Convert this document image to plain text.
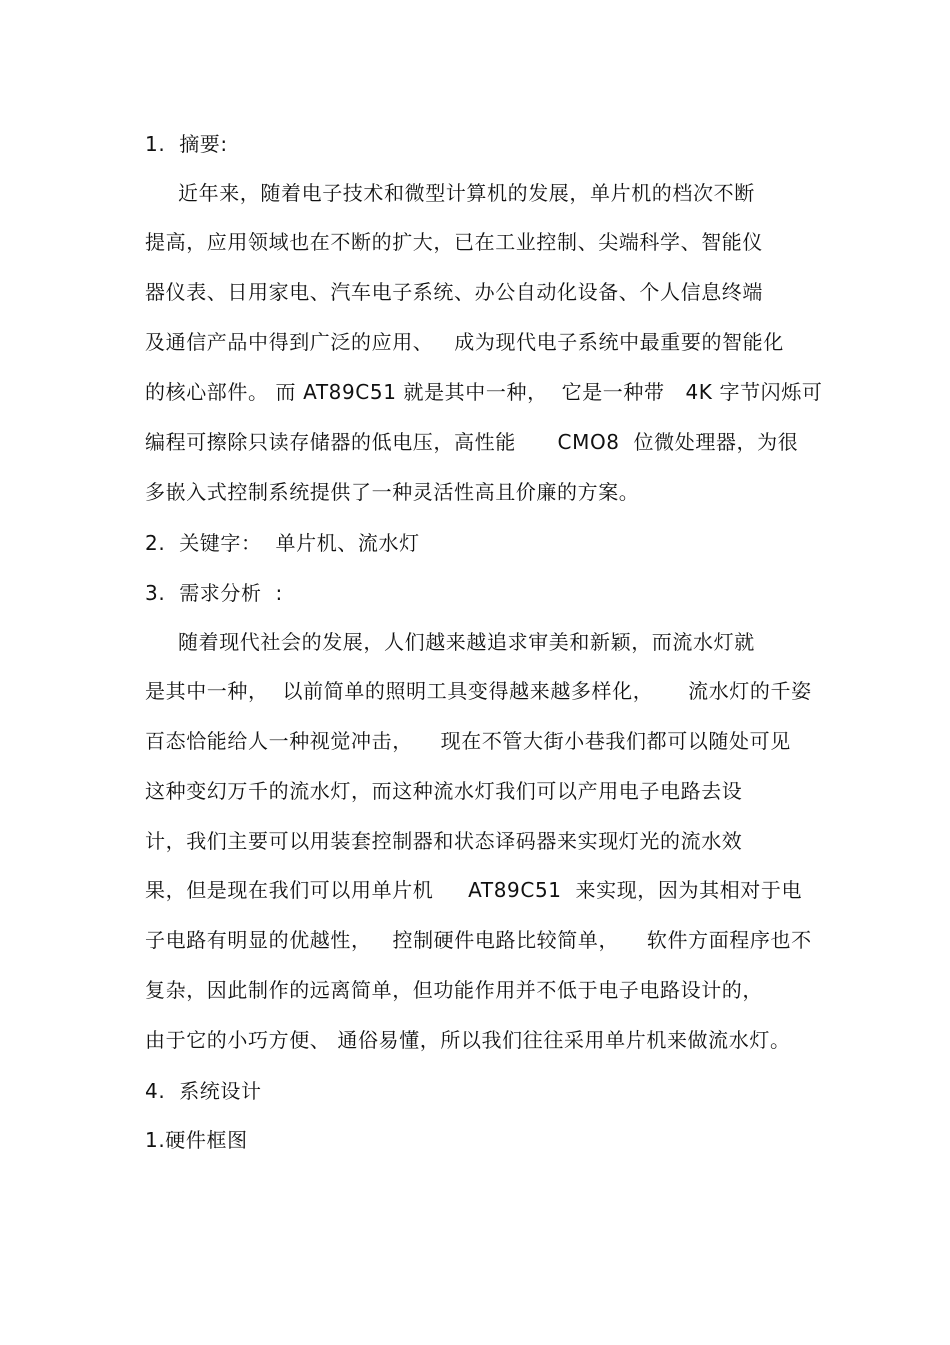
1.  摘要:
近年来，随着电子技术和微型计算机的发展，单片机的档次不断
提高，应用领域也在不断的扩大，已在工业控制、尖端科学、智能仪
器仪表、日用家电、汽车电子系统、办公自动化设备、个人信息终端
及通信产品中得到广泛的应用、   成为现代电子系统中最重要的智能化
的核心部件。 而 AT89C51 就是其中一种，  它是一种带   4K 字节闪烁可
编程可擦除只读存储器的低电压，高性能      CMO8  位微处理器，为很
多嵌入式控制系统提供了一种灵活性高且价廉的方案。
2.  关键字：  单片机、流水灯
3.  需求分析  :
随着现代社会的发展，人们越来越追求审美和新颖，而流水灯就
是其中一种，  以前简单的照明工具变得越来越多样化，     流水灯的千姿
百态恰能给人一种视觉冲击，    现在不管大街小巷我们都可以随处可见
这种变幻万千的流水灯，而这种流水灯我们可以产用电子电路去设
计，我们主要可以用装套控制器和状态译码器来实现灯光的流水效
果，但是现在我们可以用单片机     AT89C51  来实现，因为其相对于电
子电路有明显的优越性，   控制硬件电路比较简单，    软件方面程序也不
复杂，因此制作的远离简单，但功能作用并不低于电子电路设计的，
由于它的小巧方便、 通俗易懂，所以我们往往采用单片机来做流水灯。
4.  系统设计
1.硬件框图
